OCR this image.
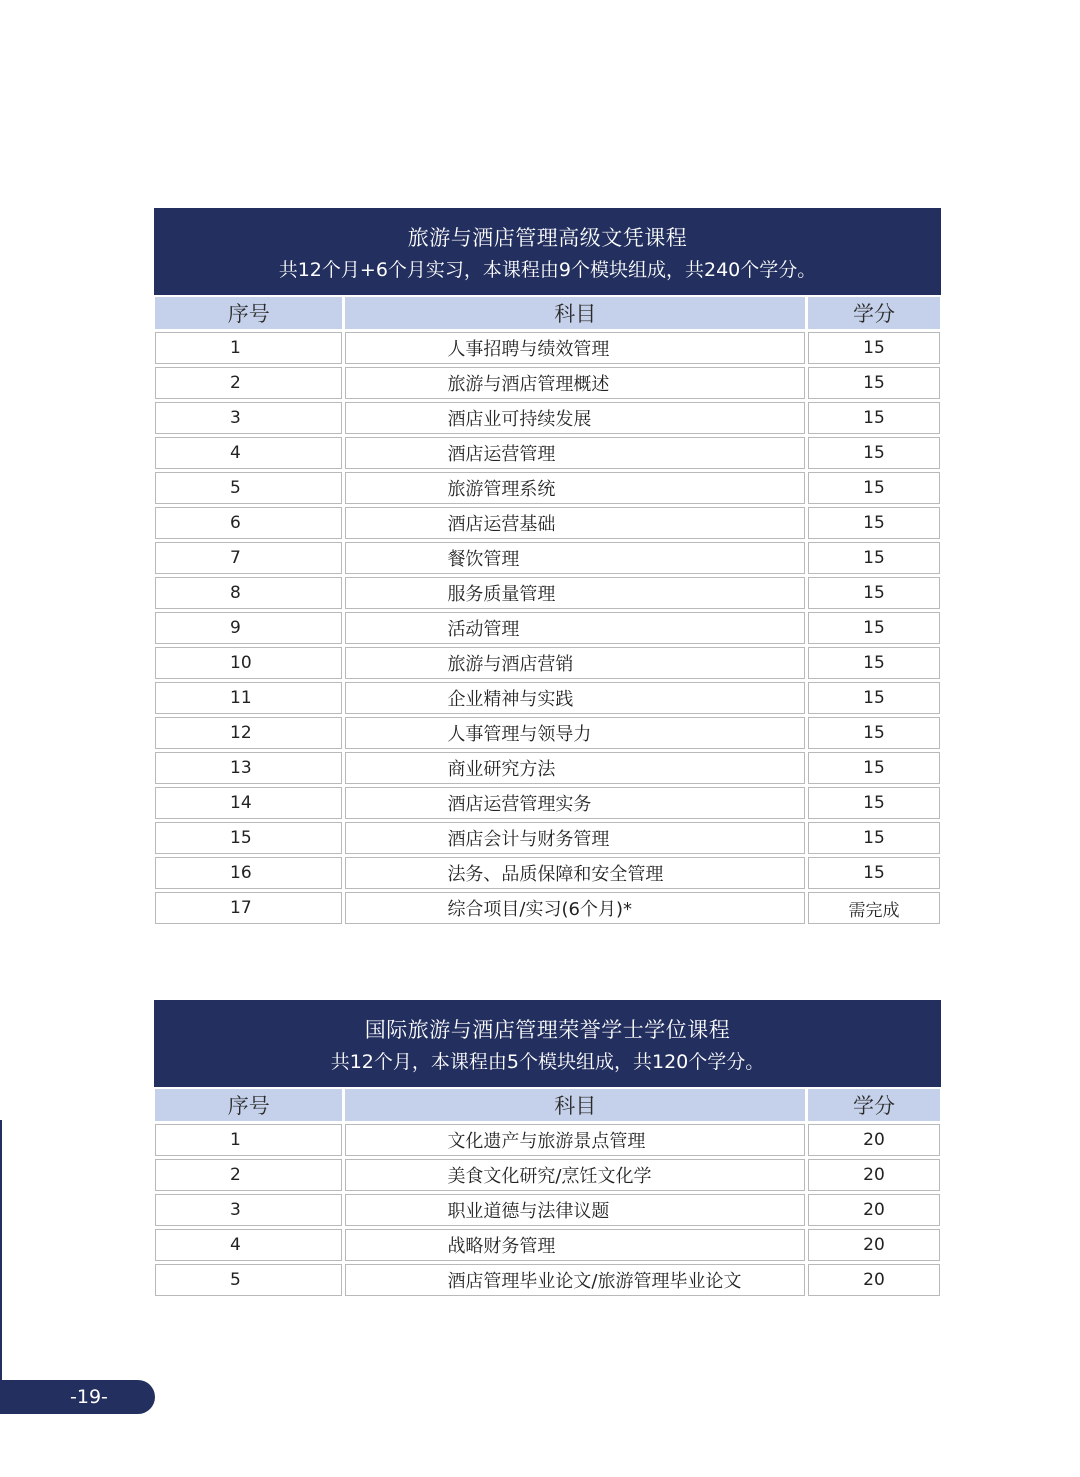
旅游与酒店管理高级文凭课程
共12个月+6个月实习，本课程由9个模块组成，共240个学分。
序号	科目	学分
1	人事招聘与绩效管理	15
2	旅游与酒店管理概述	15
3	酒店业可持续发展	15
4	酒店运营管理	15
5	旅游管理系统	15
6	酒店运营基础	15
7	餐饮管理	15
8	服务质量管理	15
9	活动管理	15
10	旅游与酒店营销	15
11	企业精神与实践	15
12	人事管理与领导力	15
13	商业研究方法	15
14	酒店运营管理实务	15
15	酒店会计与财务管理	15
16	法务、品质保障和安全管理	15
17	综合项目/实习(6个月)*	需完成
国际旅游与酒店管理荣誉学士学位课程
共12个月，本课程由5个模块组成，共120个学分。
序号	科目	学分
1	文化遗产与旅游景点管理	20
2	美食文化研究/烹饪文化学	20
3	职业道德与法律议题	20
4	战略财务管理	20
5	酒店管理毕业论文/旅游管理毕业论文	20
-19-
